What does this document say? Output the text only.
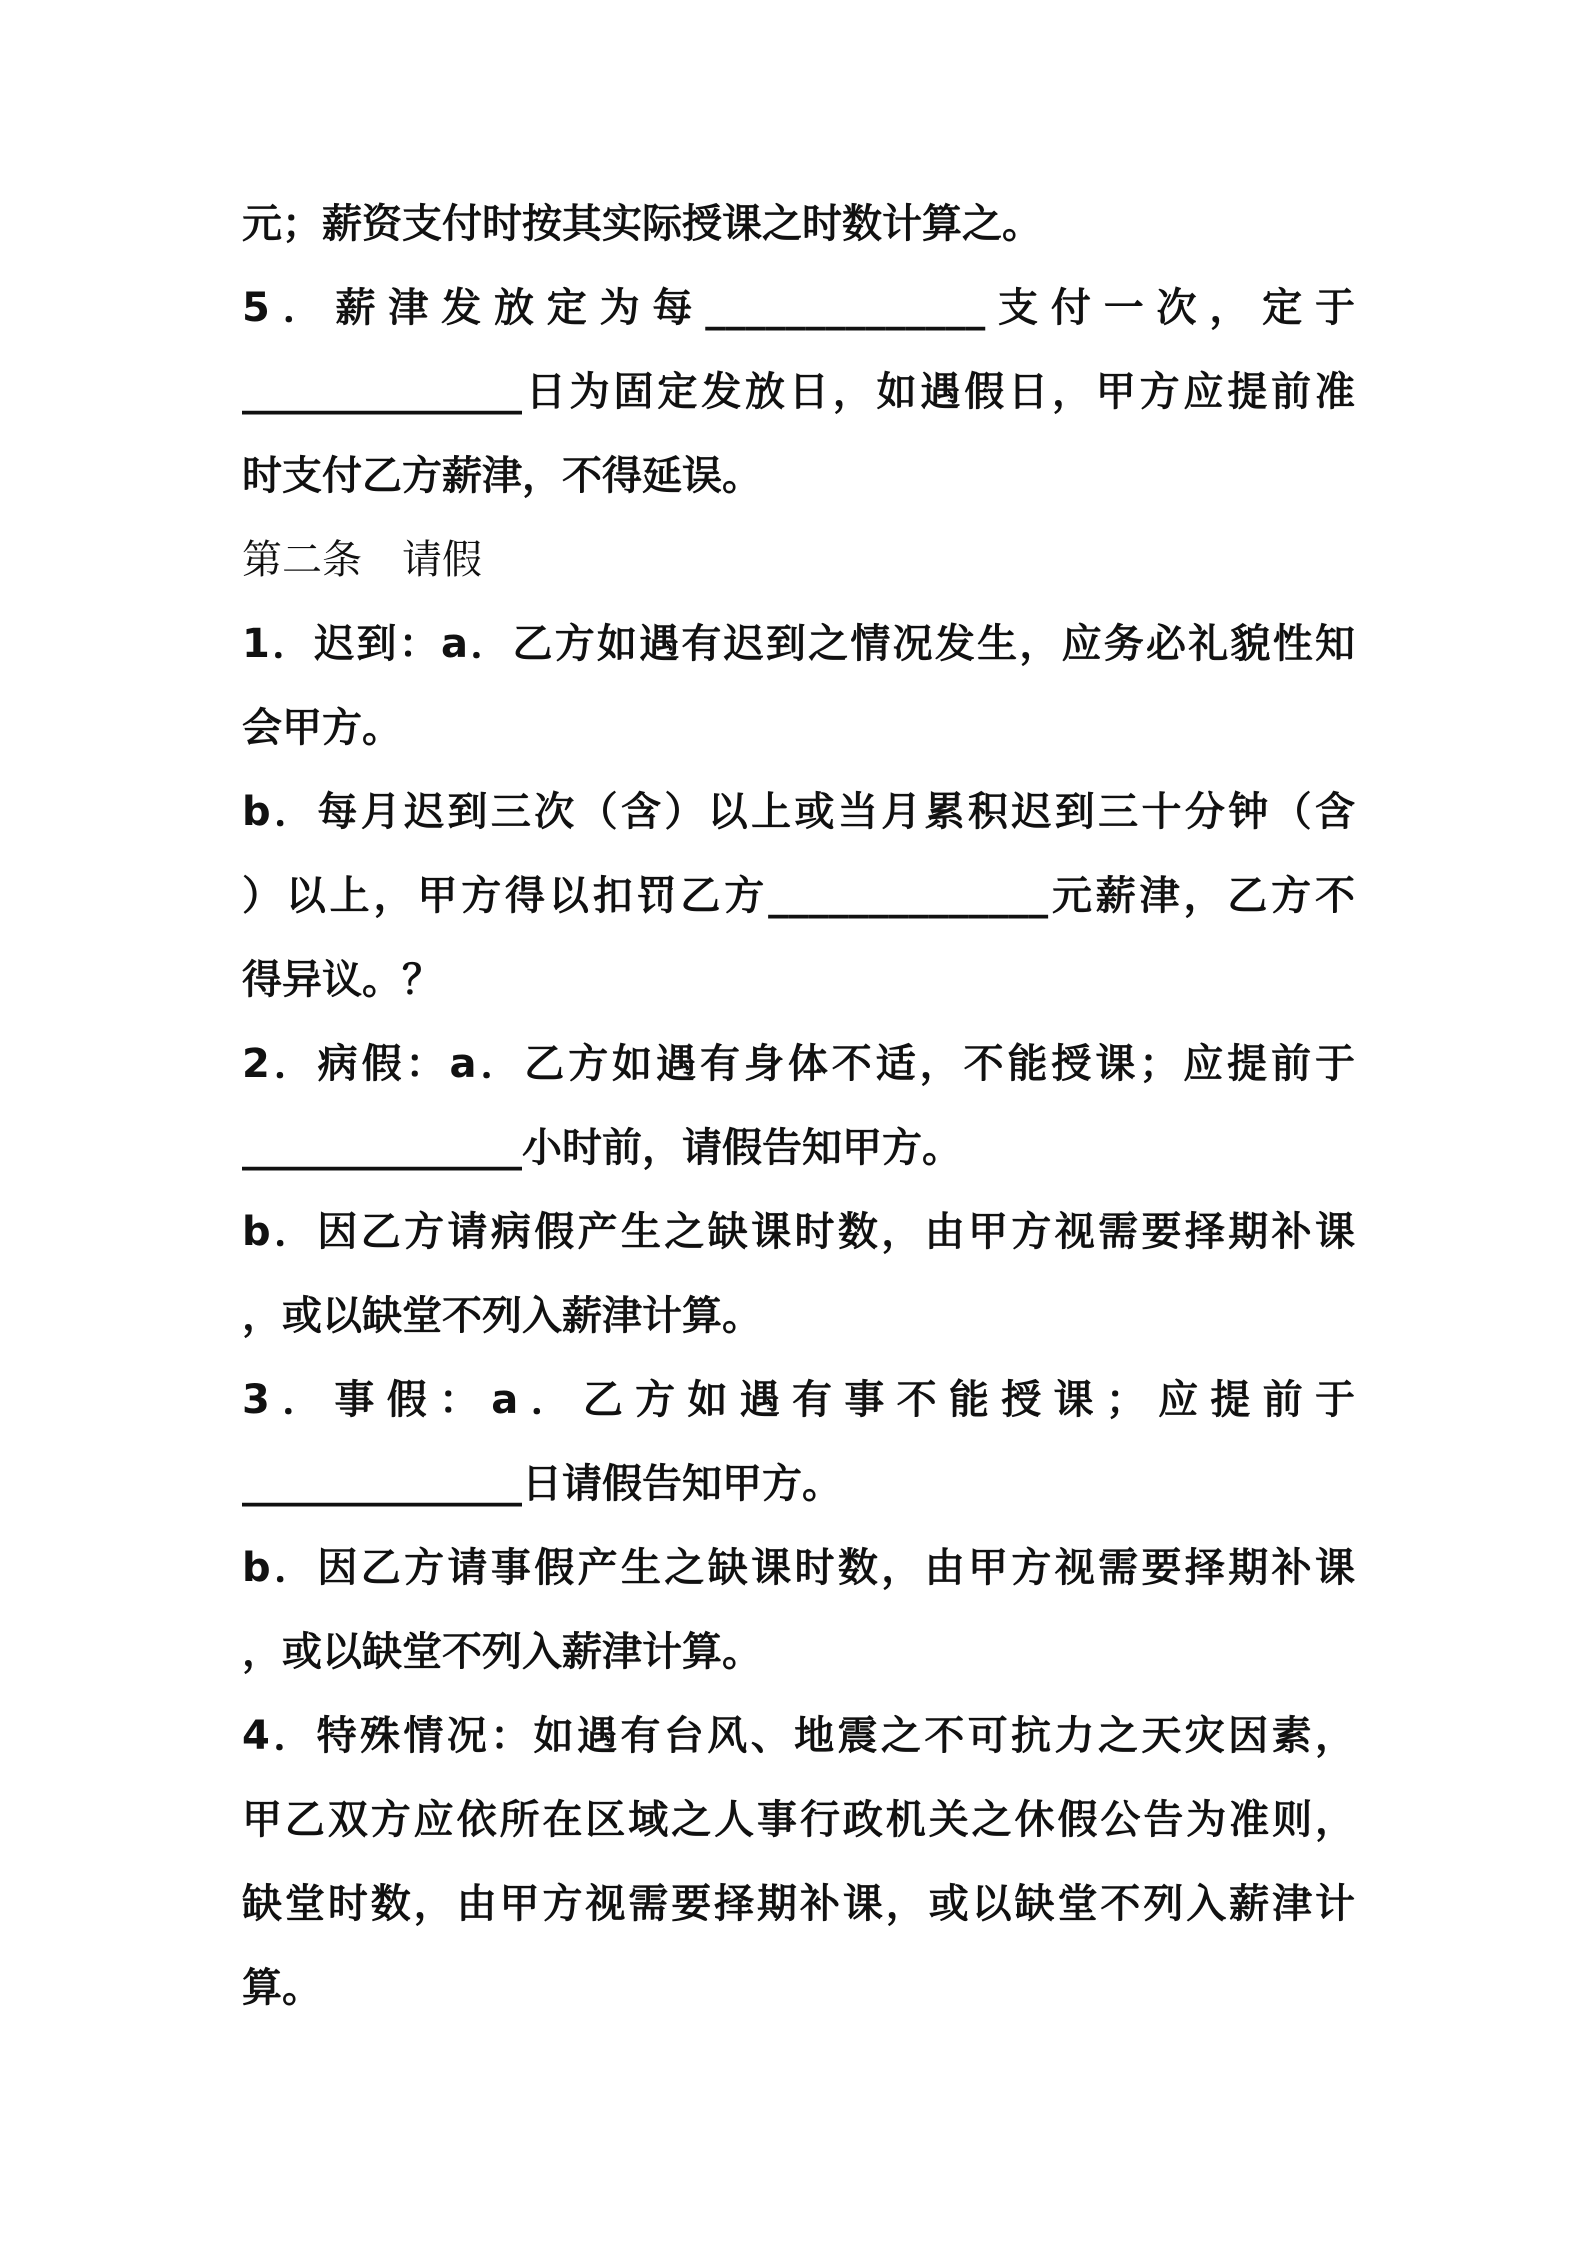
元；薪资支付时按其实际授课之时数计算之。
5．薪津发放定为每______________支付一次，定于
______________日为固定发放日，如遇假日，甲方应提前准
时支付乙方薪津，不得延误。
第二条　请假
1．迟到：a．乙方如遇有迟到之情况发生，应务必礼貌性知
会甲方。
b．每月迟到三次（含）以上或当月累积迟到三十分钟（含
）以上，甲方得以扣罚乙方______________元薪津，乙方不
得异议。？
2．病假：a．乙方如遇有身体不适，不能授课；应提前于
______________小时前，请假告知甲方。
b．因乙方请病假产生之缺课时数，由甲方视需要择期补课
，或以缺堂不列入薪津计算。
3．事假：a．乙方如遇有事不能授课；应提前于
______________日请假告知甲方。
b．因乙方请事假产生之缺课时数，由甲方视需要择期补课
，或以缺堂不列入薪津计算。
4．特殊情况：如遇有台风、地震之不可抗力之天灾因素，
甲乙双方应依所在区域之人事行政机关之休假公告为准则，
缺堂时数，由甲方视需要择期补课，或以缺堂不列入薪津计
算。
